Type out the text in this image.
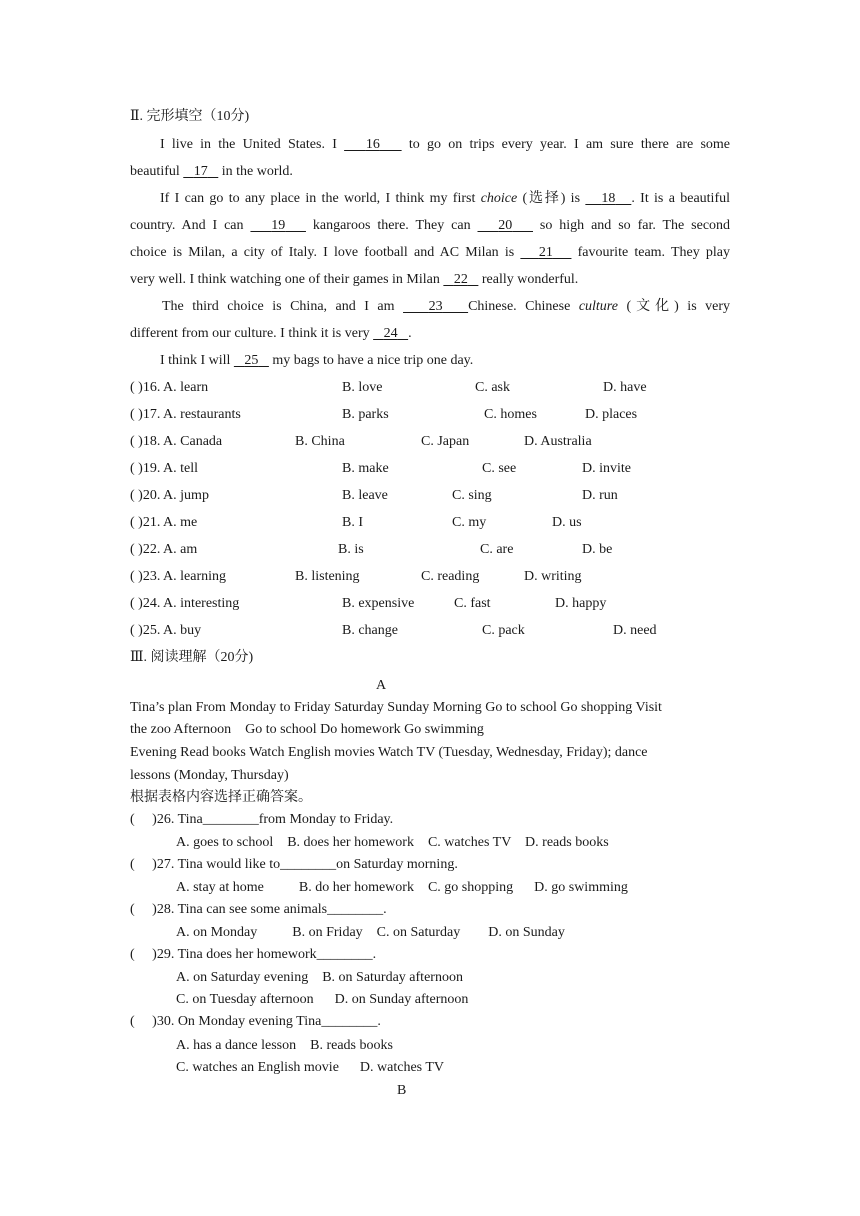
Ⅱ. 完形填空（10分)
I live in the United States. I 16 to go on trips every year. I am sure there are some
beautiful 17 in the world.
If I can go to any place in the world, I think my first choice (选择) is 18 . It is a beautiful
country. And I can 19 kangaroos there. They can 20 so high and so far. The second
choice is Milan, a city of Italy. I love football and AC Milan is 21 favourite team. They play
very well. I think watching one of their games in Milan 22 really wonderful.
The third choice is China, and I am 23 Chinese. Chinese culture (文化) is very
different from our culture. I think it is very 24 .
I think I will 25 my bags to have a nice trip one day.
( )16. A. learn	B. love	C. ask	D. have
( )17. A. restaurants	B. parks	C. homes	D. places
( )18. A. Canada	B. China	C. Japan	D. Australia
( )19. A. tell	B. make	C. see	D. invite
( )20. A. jump	B. leave	C. sing	D. run
( )21. A. me	B. I	C. my	D. us
( )22. A. am	B. is	C. are	D. be
( )23. A. learning	B. listening	C. reading	D. writing
( )24. A. interesting	B. expensive	C. fast	D. happy
( )25. A. buy	B. change	C. pack	D. need
Ⅲ. 阅读理解（20分)
A
Tina’s plan From Monday to Friday Saturday Sunday Morning Go to school Go shopping Visit
the zoo Afternoon    Go to school Do homework Go swimming
Evening Read books Watch English movies Watch TV (Tuesday, Wednesday, Friday); dance
lessons (Monday, Thursday)
根据表格内容选择正确答案。
(     )26. Tina________from Monday to Friday.
A. goes to school    B. does her homework    C. watches TV    D. reads books
(     )27. Tina would like to________on Saturday morning.
A. stay at home          B. do her homework    C. go shopping      D. go swimming
(     )28. Tina can see some animals________.
A. on Monday          B. on Friday    C. on Saturday        D. on Sunday
(     )29. Tina does her homework________.
A. on Saturday evening    B. on Saturday afternoon
C. on Tuesday afternoon      D. on Sunday afternoon
(     )30. On Monday evening Tina________.
A. has a dance lesson    B. reads books
C. watches an English movie      D. watches TV
B
